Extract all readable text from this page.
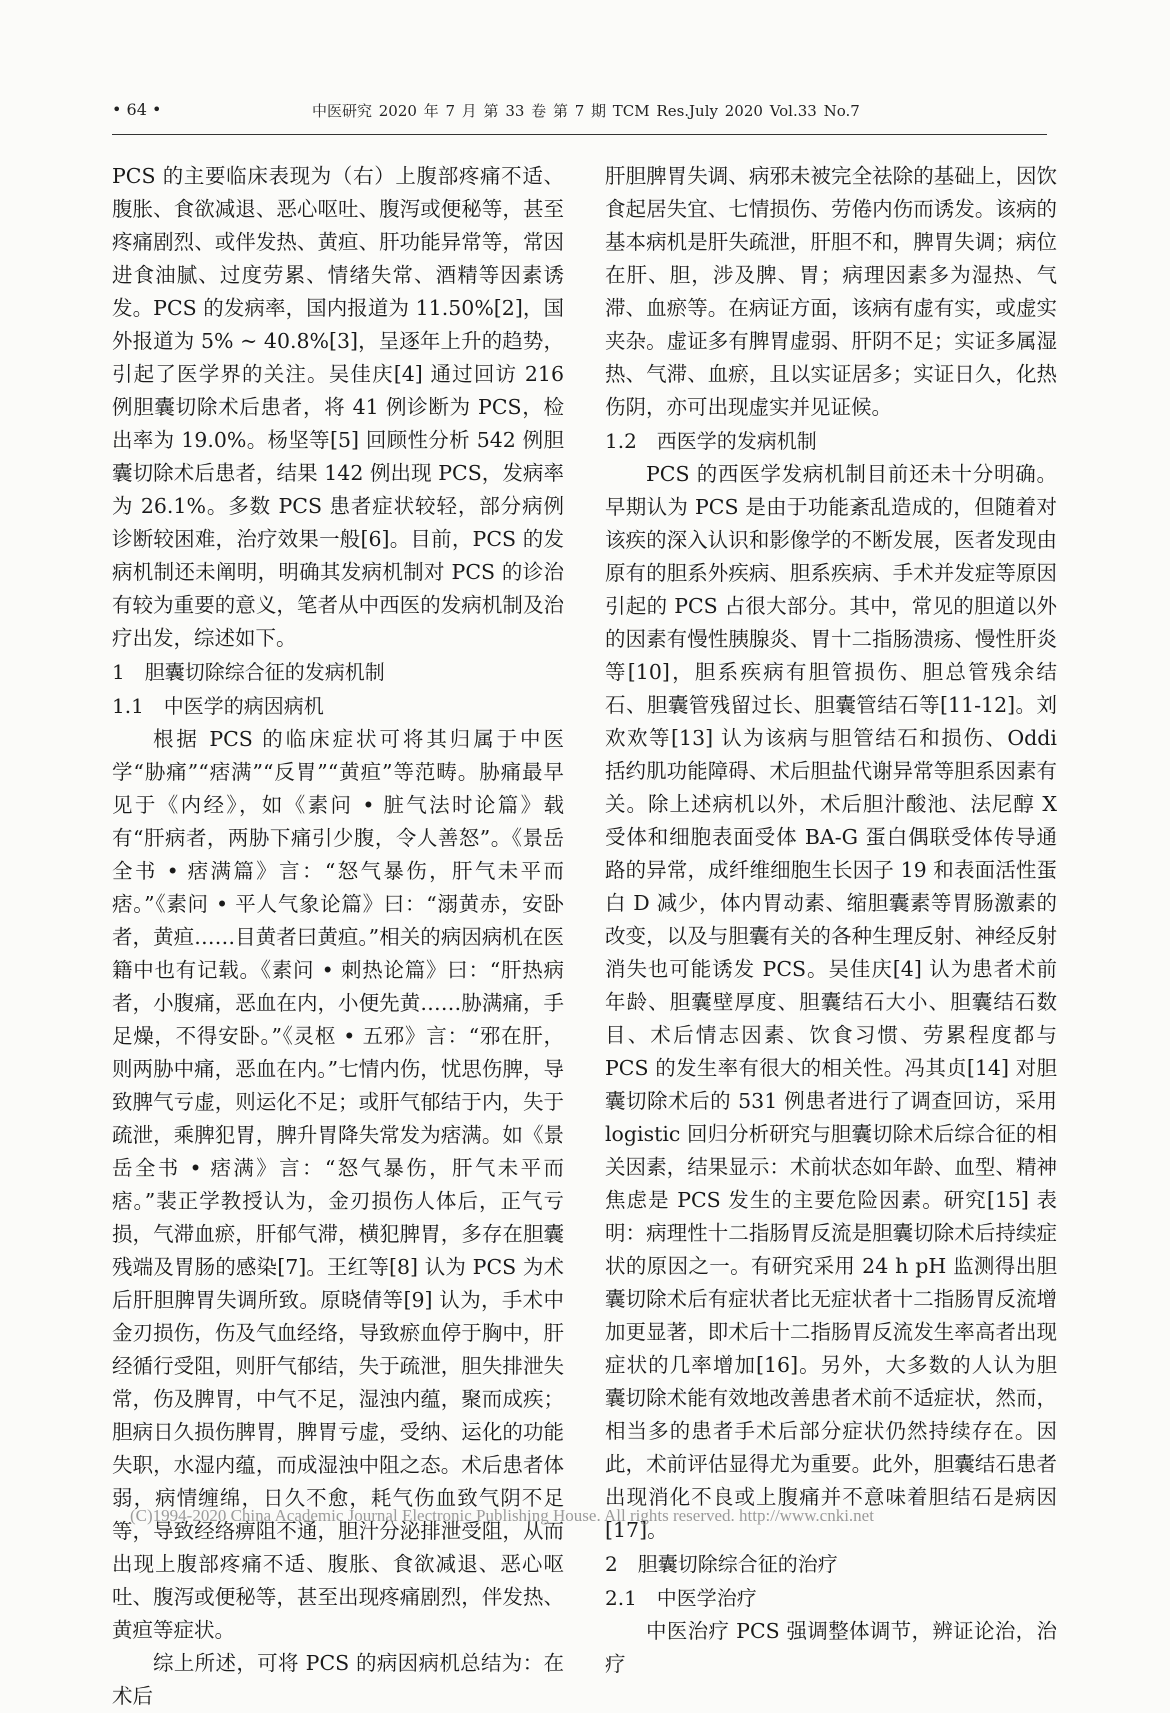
• 64 •	中医研究 2020 年 7 月 第 33 卷 第 7 期 TCM Res.July 2020 Vol.33 No.7

PCS 的主要临床表现为（右）上腹部疼痛不适、腹胀、食欲减退、恶心呕吐、腹泻或便秘等，甚至疼痛剧烈、或伴发热、黄疸、肝功能异常等，常因进食油腻、过度劳累、情绪失常、酒精等因素诱发。PCS 的发病率，国内报道为 11.50%[2]，国外报道为 5% ~ 40.8%[3]，呈逐年上升的趋势，引起了医学界的关注。吴佳庆[4] 通过回访 216 例胆囊切除术后患者，将 41 例诊断为 PCS，检出率为 19.0%。杨坚等[5] 回顾性分析 542 例胆囊切除术后患者，结果 142 例出现 PCS，发病率为 26.1%。多数 PCS 患者症状较轻，部分病例诊断较困难，治疗效果一般[6]。目前，PCS 的发病机制还未阐明，明确其发病机制对 PCS 的诊治有较为重要的意义，笔者从中西医的发病机制及治疗出发，综述如下。

1　胆囊切除综合征的发病机制

1.1　中医学的病因病机

根据 PCS 的临床症状可将其归属于中医学“胁痛”“痞满”“反胃”“黄疸”等范畴。胁痛最早见于《内经》，如《素问 • 脏气法时论篇》载有“肝病者，两胁下痛引少腹，令人善怒”。《景岳全书 • 痞满篇》言：“怒气暴伤，肝气未平而痞。”《素问 • 平人气象论篇》曰：“溺黄赤，安卧者，黄疸……目黄者曰黄疸。”相关的病因病机在医籍中也有记载。《素问 • 刺热论篇》曰：“肝热病者，小腹痛，恶血在内，小便先黄……胁满痛，手足燥，不得安卧。”《灵枢 • 五邪》言：“邪在肝，则两胁中痛，恶血在内。”七情内伤，忧思伤脾，导致脾气亏虚，则运化不足；或肝气郁结于内，失于疏泄，乘脾犯胃，脾升胃降失常发为痞满。如《景岳全书 • 痞满》言：“怒气暴伤，肝气未平而痞。”裴正学教授认为，金刃损伤人体后，正气亏损，气滞血瘀，肝郁气滞，横犯脾胃，多存在胆囊残端及胃肠的感染[7]。王红等[8] 认为 PCS 为术后肝胆脾胃失调所致。原晓倩等[9] 认为，手术中金刃损伤，伤及气血经络，导致瘀血停于胸中，肝经循行受阻，则肝气郁结，失于疏泄，胆失排泄失常，伤及脾胃，中气不足，湿浊内蕴，聚而成疾；胆病日久损伤脾胃，脾胃亏虚，受纳、运化的功能失职，水湿内蕴，而成湿浊中阻之态。术后患者体弱，病情缠绵，日久不愈，耗气伤血致气阴不足等，导致经络痹阻不通，胆汁分泌排泄受阻，从而出现上腹部疼痛不适、腹胀、食欲减退、恶心呕吐、腹泻或便秘等，甚至出现疼痛剧烈，伴发热、黄疸等症状。

综上所述，可将 PCS 的病因病机总结为：在术后

肝胆脾胃失调、病邪未被完全祛除的基础上，因饮食起居失宜、七情损伤、劳倦内伤而诱发。该病的基本病机是肝失疏泄，肝胆不和，脾胃失调；病位在肝、胆，涉及脾、胃；病理因素多为湿热、气滞、血瘀等。在病证方面，该病有虚有实，或虚实夹杂。虚证多有脾胃虚弱、肝阴不足；实证多属湿热、气滞、血瘀，且以实证居多；实证日久，化热伤阴，亦可出现虚实并见证候。

1.2　西医学的发病机制

PCS 的西医学发病机制目前还未十分明确。早期认为 PCS 是由于功能紊乱造成的，但随着对该疾的深入认识和影像学的不断发展，医者发现由原有的胆系外疾病、胆系疾病、手术并发症等原因引起的 PCS 占很大部分。其中，常见的胆道以外的因素有慢性胰腺炎、胃十二指肠溃疡、慢性肝炎等[10]，胆系疾病有胆管损伤、胆总管残余结石、胆囊管残留过长、胆囊管结石等[11-12]。刘欢欢等[13] 认为该病与胆管结石和损伤、Oddi 括约肌功能障碍、术后胆盐代谢异常等胆系因素有关。除上述病机以外，术后胆汁酸池、法尼醇 X 受体和细胞表面受体 BA-G 蛋白偶联受体传导通路的异常，成纤维细胞生长因子 19 和表面活性蛋白 D 减少，体内胃动素、缩胆囊素等胃肠激素的改变，以及与胆囊有关的各种生理反射、神经反射消失也可能诱发 PCS。吴佳庆[4] 认为患者术前年龄、胆囊壁厚度、胆囊结石大小、胆囊结石数目、术后情志因素、饮食习惯、劳累程度都与 PCS 的发生率有很大的相关性。冯其贞[14] 对胆囊切除术后的 531 例患者进行了调查回访，采用 logistic 回归分析研究与胆囊切除术后综合征的相关因素，结果显示：术前状态如年龄、血型、精神焦虑是 PCS 发生的主要危险因素。研究[15] 表明：病理性十二指肠胃反流是胆囊切除术后持续症状的原因之一。有研究采用 24 h pH 监测得出胆囊切除术后有症状者比无症状者十二指肠胃反流增加更显著，即术后十二指肠胃反流发生率高者出现症状的几率增加[16]。另外，大多数的人认为胆囊切除术能有效地改善患者术前不适症状，然而，相当多的患者手术后部分症状仍然持续存在。因此，术前评估显得尤为重要。此外，胆囊结石患者出现消化不良或上腹痛并不意味着胆结石是病因[17]。

2　胆囊切除综合征的治疗

2.1　中医学治疗

中医治疗 PCS 强调整体调节，辨证论治，治疗

(C)1994-2020 China Academic Journal Electronic Publishing House. All rights reserved. http://www.cnki.net
